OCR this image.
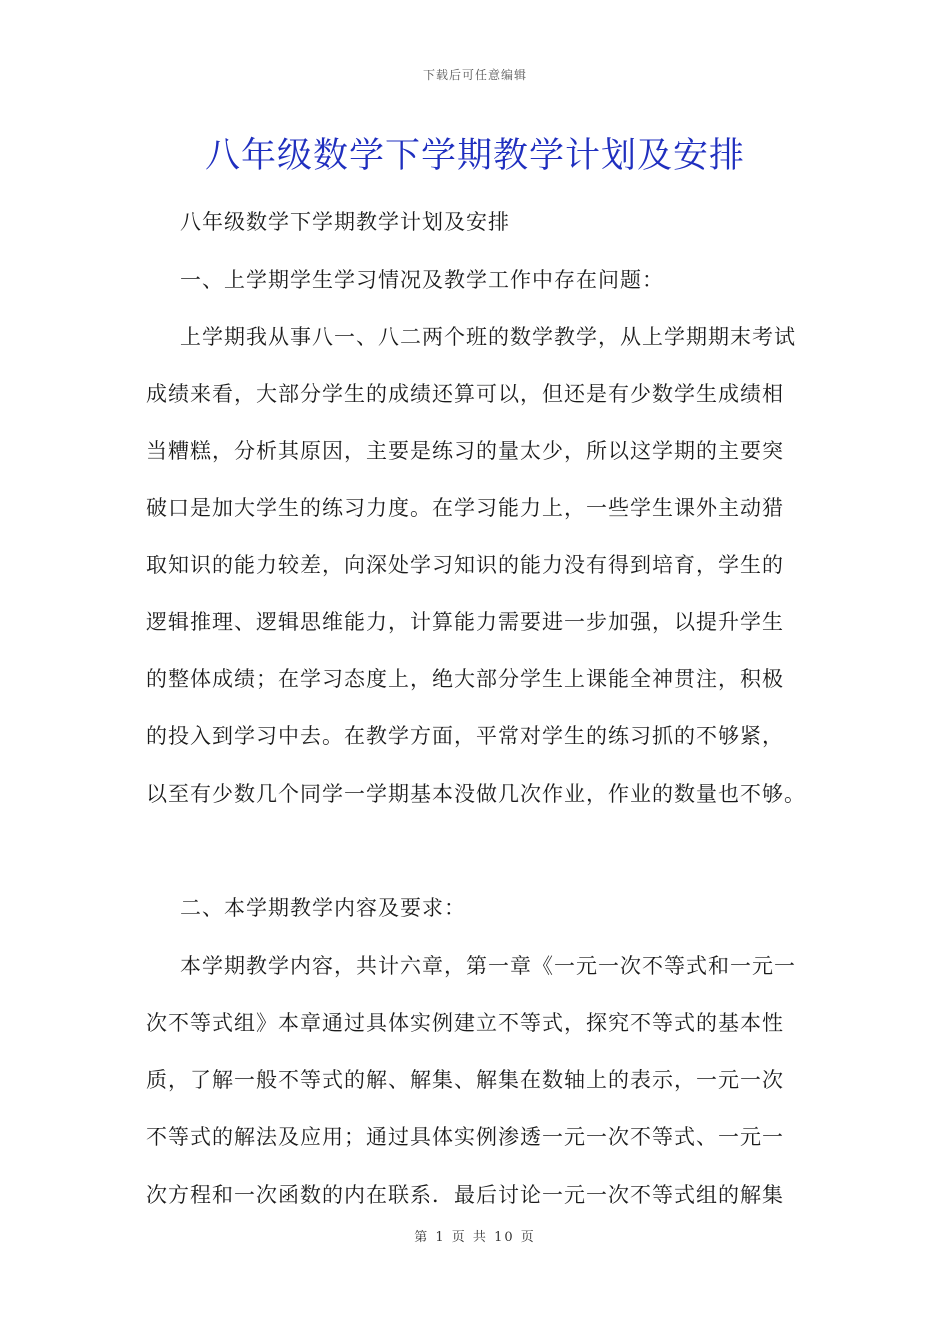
下载后可任意编辑
八年级数学下学期教学计划及安排
八年级数学下学期教学计划及安排
一、上学期学生学习情况及教学工作中存在问题：
上学期我从事八一、八二两个班的数学教学，从上学期期末考试
成绩来看，大部分学生的成绩还算可以，但还是有少数学生成绩相
当糟糕，分析其原因，主要是练习的量太少，所以这学期的主要突
破口是加大学生的练习力度。在学习能力上，一些学生课外主动猎
取知识的能力较差，向深处学习知识的能力没有得到培育，学生的
逻辑推理、逻辑思维能力，计算能力需要进一步加强，以提升学生
的整体成绩；在学习态度上，绝大部分学生上课能全神贯注，积极
的投入到学习中去。在教学方面，平常对学生的练习抓的不够紧，
以至有少数几个同学一学期基本没做几次作业，作业的数量也不够。
二、本学期教学内容及要求：
本学期教学内容，共计六章，第一章《一元一次不等式和一元一
次不等式组》本章通过具体实例建立不等式，探究不等式的基本性
质，了解一般不等式的解、解集、解集在数轴上的表示，一元一次
不等式的解法及应用；通过具体实例渗透一元一次不等式、一元一
次方程和一次函数的内在联系．最后讨论一元一次不等式组的解集
第 1 页 共 10 页
